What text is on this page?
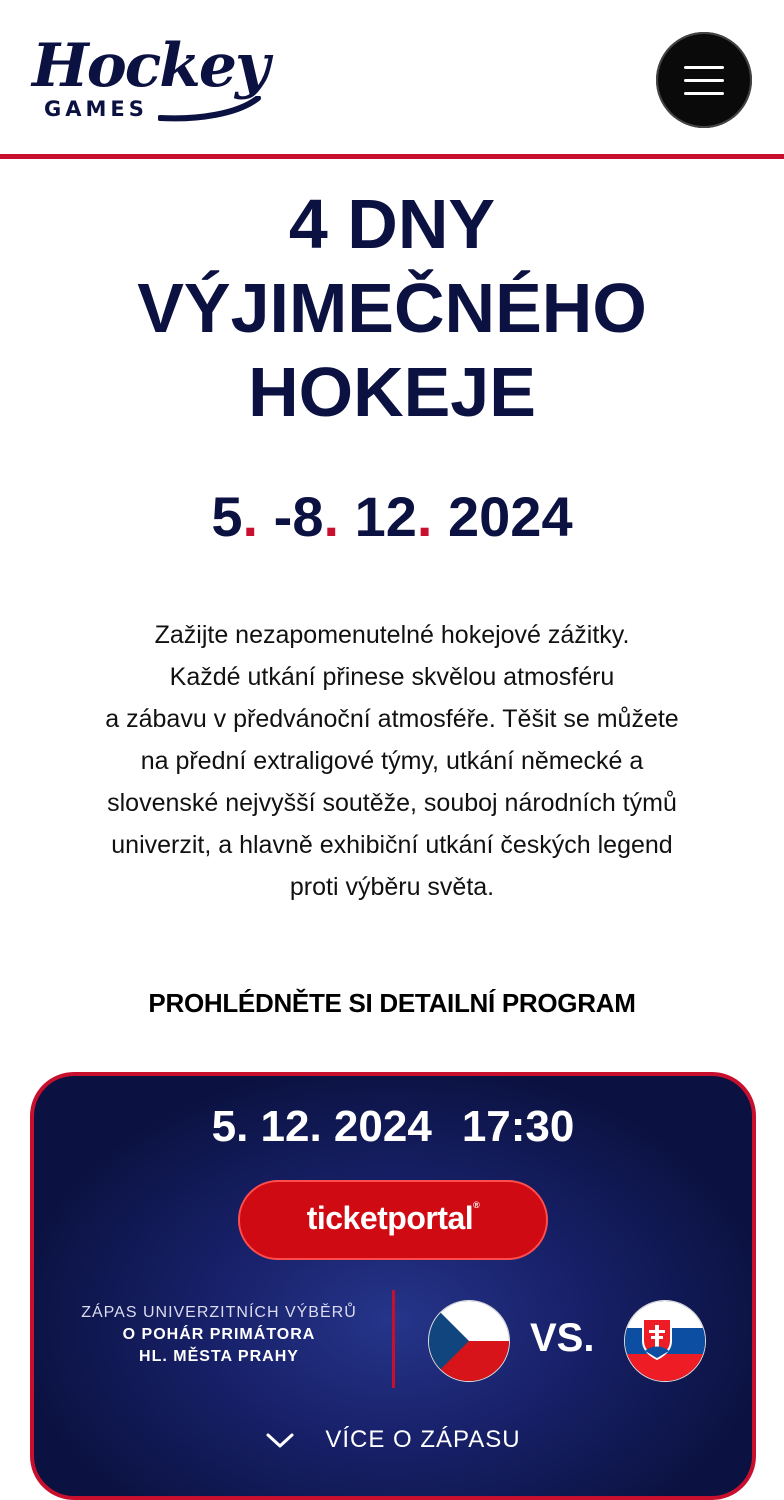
Hockey
GAMES
4 DNY
VÝJIMEČNÉHO
HOKEJE
5. -8. 12. 2024

Zažijte nezapomenutelné hokejové zážitky.
Každé utkání přinese skvělou atmosféru
a zábavu v předvánoční atmosféře. Těšit se můžete
na přední extraligové týmy, utkání německé a
slovenské nejvyšší soutěže, souboj národních týmů
univerzit, a hlavně exhibiční utkání českých legend
proti výběru světa.

PROHLÉDNĚTE SI DETAILNÍ PROGRAM
5. 12. 2024 17:30
ticketportal®
ZÁPAS UNIVERZITNÍCH VÝBĚRŮ
O POHÁR PRIMÁTORA
HL. MĚSTA PRAHY	VS.
VÍCE O ZÁPASU
